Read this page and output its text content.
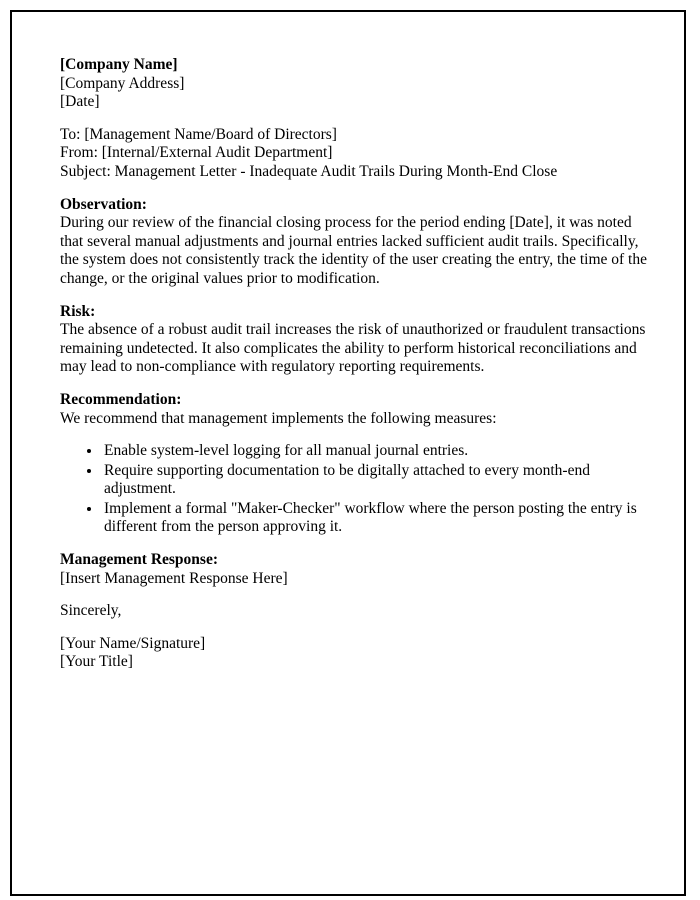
[Company Name]

[Company Address]

[Date]

To: [Management Name/Board of Directors]

From: [Internal/External Audit Department]

Subject: Management Letter - Inadequate Audit Trails During Month-End Close

Observation:

During our review of the financial closing process for the period ending [Date], it was noted that several manual adjustments and journal entries lacked sufficient audit trails. Specifically, the system does not consistently track the identity of the user creating the entry, the time of the change, or the original values prior to modification.

Risk:

The absence of a robust audit trail increases the risk of unauthorized or fraudulent transactions remaining undetected. It also complicates the ability to perform historical reconciliations and may lead to non-compliance with regulatory reporting requirements.

Recommendation:

We recommend that management implements the following measures:

• Enable system-level logging for all manual journal entries.
• Require supporting documentation to be digitally attached to every month-end adjustment.
• Implement a formal "Maker-Checker" workflow where the person posting the entry is different from the person approving it.

Management Response:

[Insert Management Response Here]

Sincerely,

[Your Name/Signature]

[Your Title]
